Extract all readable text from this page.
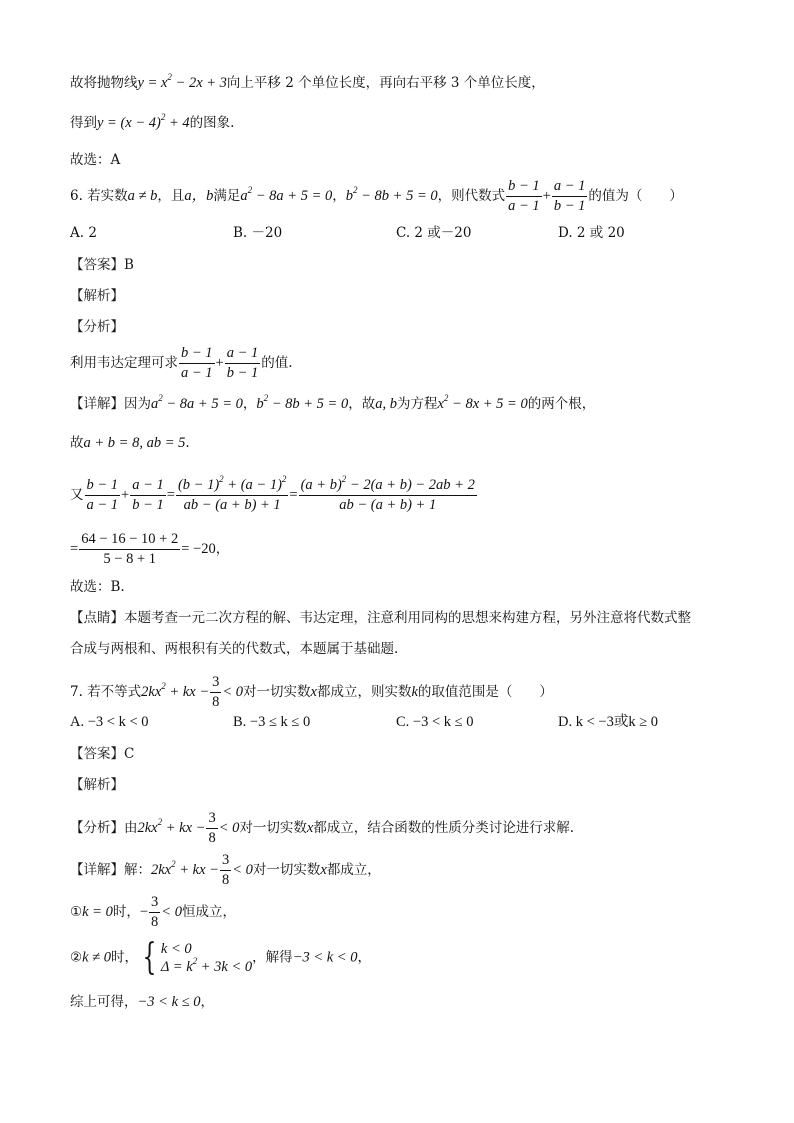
故将抛物线$y = x^2 - 2x + 3$向上平移 2 个单位长度，再向右平移 3 个单位长度，
得到$y = (x - 4)^2 + 4$的图象.
故选：A
6. 若实数a ≠ b，且a，b满足$a^2 - 8a + 5 = 0$，$b^2 - 8b + 5 = 0$，则代数式 $\frac{b - 1}{a - 1} + \frac{a - 1}{b - 1}$ 的值为（　　）
A. 2	B. －20	C. 2 或－20	D. 2 或 20
【答案】B
【解析】
【分析】
利用韦达定理可求 $\frac{b - 1}{a - 1} + \frac{a - 1}{b - 1}$ 的值.
【详解】因为$a^2 - 8a + 5 = 0$，$b^2 - 8b + 5 = 0$，故a, b为方程$x^2 - 8x + 5 = 0$的两个根，
故a + b = 8, ab = 5.
又 $\frac{b - 1}{a - 1} + \frac{a - 1}{b - 1} = \frac{(b - 1)^2 + (a - 1)^2}{ab - (a + b) + 1} = \frac{(a + b)^2 - 2(a + b) - 2ab + 2}{ab - (a + b) + 1}$
= $\frac{64 - 16 - 10 + 2}{5 - 8 + 1} = -20$，
故选：B.
【点睛】本题考查一元二次方程的解、韦达定理，注意利用同构的思想来构建方程，另外注意将代数式整
合成与两根和、两根积有关的代数式，本题属于基础题.
7. 若不等式$2kx^2$ + kx − $\frac{3}{8} < 0$对一切实数x都成立，则实数k的取值范围是（　　）
A. −3 < k < 0	B. −3 ≤ k ≤ 0	C. −3 < k ≤ 0	D. k < −3或k ≥ 0
【答案】C
【解析】
【分析】由$2kx^2$ + kx − $\frac{3}{8} < 0$对一切实数x都成立，结合函数的性质分类讨论进行求解.
【详解】解：$2kx^2$ + kx − $\frac{3}{8} < 0$对一切实数x都成立，
①k = 0时，− $\frac{3}{8} < 0$恒成立，
②k ≠ 0时， { k < 0
$\Delta = k^2 + 3k < 0$
，解得−3 < k < 0，
综上可得，−3 < k ≤ 0，
